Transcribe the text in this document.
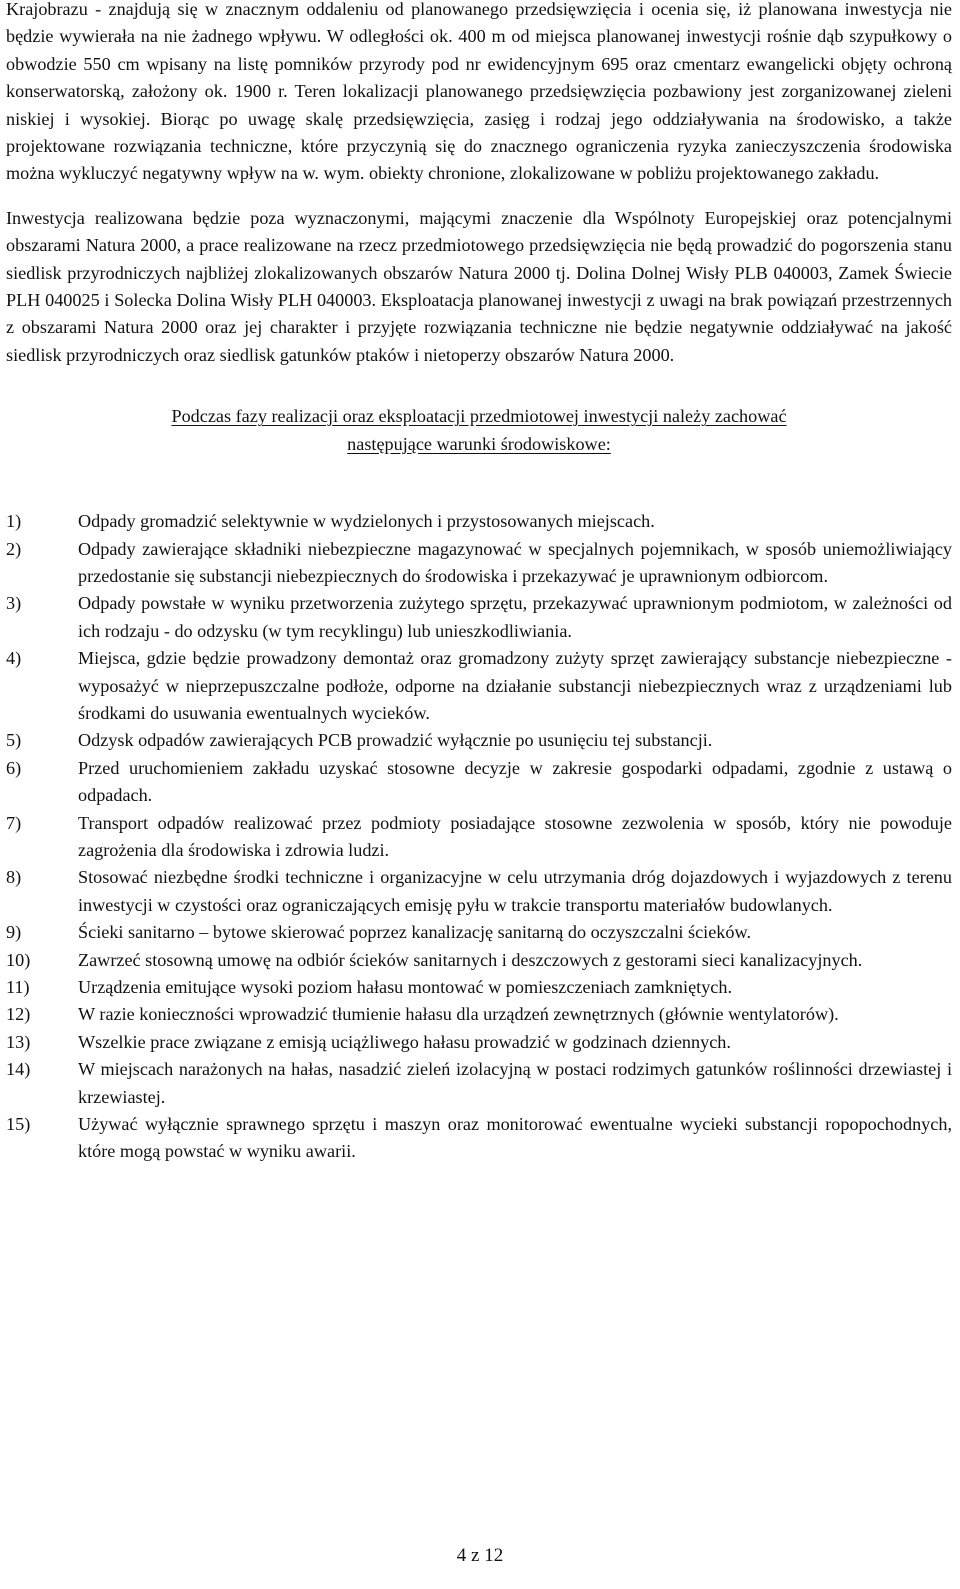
Krajobrazu - znajdują się w znacznym oddaleniu od planowanego przedsięwzięcia i ocenia się, iż planowana inwestycja nie będzie wywierała na nie żadnego wpływu. W odległości ok. 400 m od miejsca planowanej inwestycji rośnie dąb szypułkowy o obwodzie 550 cm wpisany na listę pomników przyrody pod nr ewidencyjnym 695 oraz cmentarz ewangelicki objęty ochroną konserwatorską, założony ok. 1900 r. Teren lokalizacji planowanego przedsięwzięcia pozbawiony jest zorganizowanej zieleni niskiej i wysokiej. Biorąc po uwagę skalę przedsięwzięcia, zasięg i rodzaj jego oddziaływania na środowisko, a także projektowane rozwiązania techniczne, które przyczynią się do znacznego ograniczenia ryzyka zanieczyszczenia środowiska można wykluczyć negatywny wpływ na w. wym. obiekty chronione, zlokalizowane w pobliżu projektowanego zakładu.

Inwestycja realizowana będzie poza wyznaczonymi, mającymi znaczenie dla Wspólnoty Europejskiej oraz potencjalnymi obszarami Natura 2000, a prace realizowane na rzecz przedmiotowego przedsięwzięcia nie będą prowadzić do pogorszenia stanu siedlisk przyrodniczych najbliżej zlokalizowanych obszarów Natura 2000 tj. Dolina Dolnej Wisły PLB 040003, Zamek Świecie PLH 040025 i Solecka Dolina Wisły PLH 040003. Eksploatacja planowanej inwestycji z uwagi na brak powiązań przestrzennych z obszarami Natura 2000 oraz jej charakter i przyjęte rozwiązania techniczne nie będzie negatywnie oddziaływać na jakość siedlisk przyrodniczych oraz siedlisk gatunków ptaków i nietoperzy obszarów Natura 2000.

Podczas fazy realizacji oraz eksploatacji przedmiotowej inwestycji należy zachować
następujące warunki środowiskowe:
1)	Odpady gromadzić selektywnie w wydzielonych i przystosowanych miejscach.
2)	Odpady zawierające składniki niebezpieczne magazynować w specjalnych pojemnikach, w sposób uniemożliwiający przedostanie się substancji niebezpiecznych do środowiska i przekazywać je uprawnionym odbiorcom.
3)	Odpady powstałe w wyniku przetworzenia zużytego sprzętu, przekazywać uprawnionym podmiotom, w zależności od ich rodzaju - do odzysku (w tym recyklingu) lub unieszkodliwiania.
4)	Miejsca, gdzie będzie prowadzony demontaż oraz gromadzony zużyty sprzęt zawierający substancje niebezpieczne - wyposażyć w nieprzepuszczalne podłoże, odporne na działanie substancji niebezpiecznych wraz z urządzeniami lub środkami do usuwania ewentualnych wycieków.
5)	Odzysk odpadów zawierających PCB prowadzić wyłącznie po usunięciu tej substancji.
6)	Przed uruchomieniem zakładu uzyskać stosowne decyzje w zakresie gospodarki odpadami, zgodnie z ustawą o odpadach.
7)	Transport odpadów realizować przez podmioty posiadające stosowne zezwolenia w sposób, który nie powoduje zagrożenia dla środowiska i zdrowia ludzi.
8)	Stosować niezbędne środki techniczne i organizacyjne w celu utrzymania dróg dojazdowych i wyjazdowych z terenu inwestycji w czystości oraz ograniczających emisję pyłu w trakcie transportu materiałów budowlanych.
9)	Ścieki sanitarno – bytowe skierować poprzez kanalizację sanitarną do oczyszczalni ścieków.
10)	Zawrzeć stosowną umowę na odbiór ścieków sanitarnych i deszczowych z gestorami sieci kanalizacyjnych.
11)	Urządzenia emitujące wysoki poziom hałasu montować w pomieszczeniach zamkniętych.
12)	W razie konieczności wprowadzić tłumienie hałasu dla urządzeń zewnętrznych (głównie wentylatorów).
13)	Wszelkie prace związane z emisją uciążliwego hałasu prowadzić w godzinach dziennych.
14)	W miejscach narażonych na hałas, nasadzić zieleń izolacyjną w postaci rodzimych gatunków roślinności drzewiastej i krzewiastej.
15)	Używać wyłącznie sprawnego sprzętu i maszyn oraz monitorować ewentualne wycieki substancji ropopochodnych, które mogą powstać w wyniku awarii.
4 z 12
